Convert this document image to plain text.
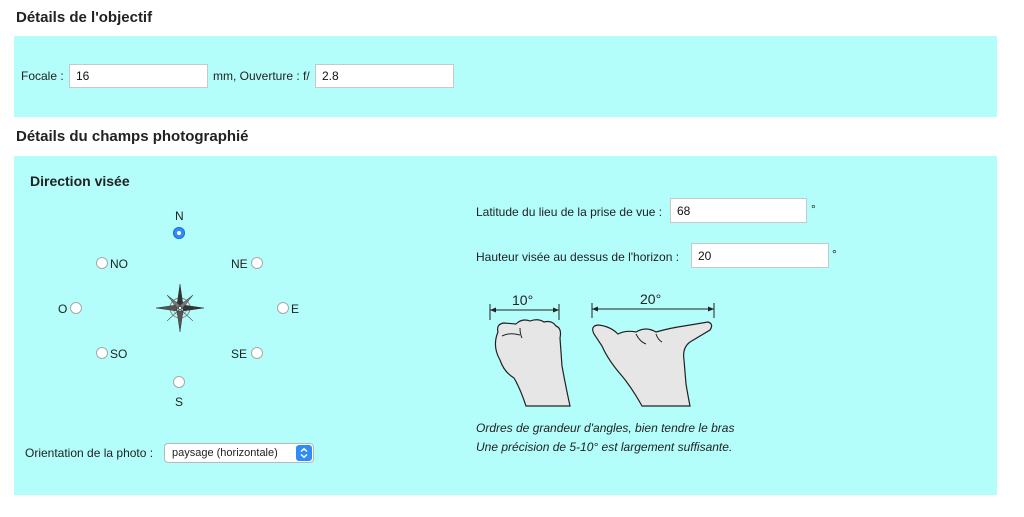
Détails de l'objectif
Focale :
16	mm, Ouverture : f/
2.8
Détails du champs photographié
Direction visée
N
NO	NE
O	E
SO	SE
S
Orientation de la photo :	paysage (horizontale)
Latitude du lieu de la prise de vue :
68	°
Hauteur visée au dessus de l'horizon :
20	°
10°	20°
Ordres de grandeur d'angles, bien tendre le bras
Une précision de 5-10° est largement suffisante.
